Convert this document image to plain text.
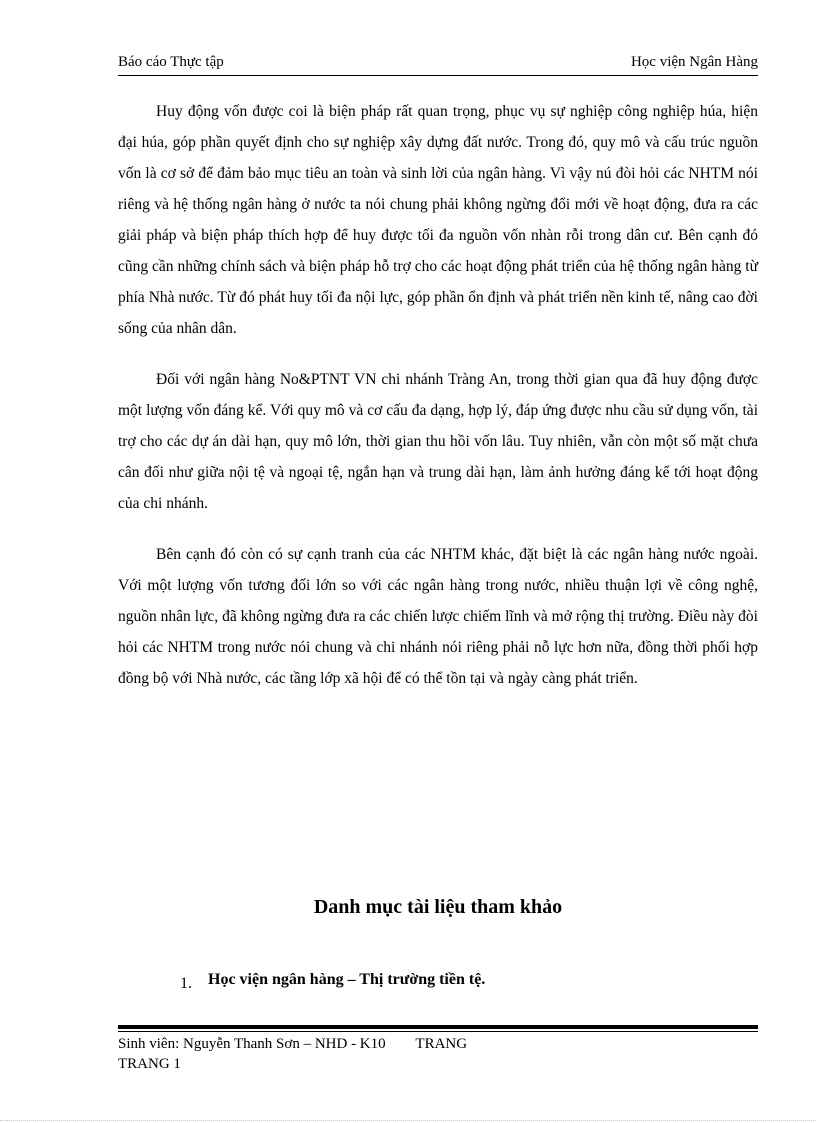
Báo cáo Thực tập	Học viện Ngân Hàng

Huy động vốn được coi là biện pháp rất quan trọng, phục vụ sự nghiệp công nghiệp húa, hiện đại húa, góp phần quyết định cho sự nghiệp xây dựng đất nước. Trong đó, quy mô và cấu trúc nguồn vốn là cơ sở để đảm bảo mục tiêu an toàn và sinh lời của ngân hàng. Vì vậy nú đòi hỏi các NHTM nói riêng và hệ thống ngân hàng ở nước ta nói chung phải không ngừng đổi mới về hoạt động, đưa ra các giải pháp và biện pháp thích hợp để huy được tối đa nguồn vốn nhàn rỗi trong dân cư. Bên cạnh đó cũng cần những chính sách và biện pháp hỗ trợ cho các hoạt động phát triển của hệ thống ngân hàng từ phía Nhà nước. Từ đó phát huy tối đa nội lực, góp phần ổn định và phát triển nền kinh tế, nâng cao đời sống của nhân dân.

Đối với ngân hàng No&PTNT VN chi nhánh Tràng An, trong thời gian qua đã huy động được một lượng vốn đáng kể. Với quy mô và cơ cấu đa dạng, hợp lý, đáp ứng được nhu cầu sử dụng vốn, tài trợ cho các dự án dài hạn, quy mô lớn, thời gian thu hồi vốn lâu. Tuy nhiên, vẫn còn một số mặt chưa cân đối như giữa nội tệ và ngoại tệ, ngắn hạn và trung dài hạn, làm ảnh hưởng đáng kể tới hoạt động của chi nhánh.

Bên cạnh đó còn có sự cạnh tranh của các NHTM khác, đặt biệt là các ngân hàng nước ngoài. Với một lượng vốn tương đối lớn so với các ngân hàng trong nước, nhiều thuận lợi về công nghệ, nguồn nhân lực, đã không ngừng đưa ra các chiến lược chiếm lĩnh và mở rộng thị trường. Điều này đòi hỏi các NHTM trong nước nói chung và chi nhánh nói riêng phải nỗ lực hơn nữa, đồng thời phối hợp đồng bộ với Nhà nước, các tầng lớp xã hội để có thể tồn tại và ngày càng phát triển.

Danh mục tài liệu tham khảo
1. Học viện ngân hàng – Thị trường tiền tệ.
Sinh viên: Nguyễn Thanh Sơn – NHD - K10 TRANG
TRANG 1
